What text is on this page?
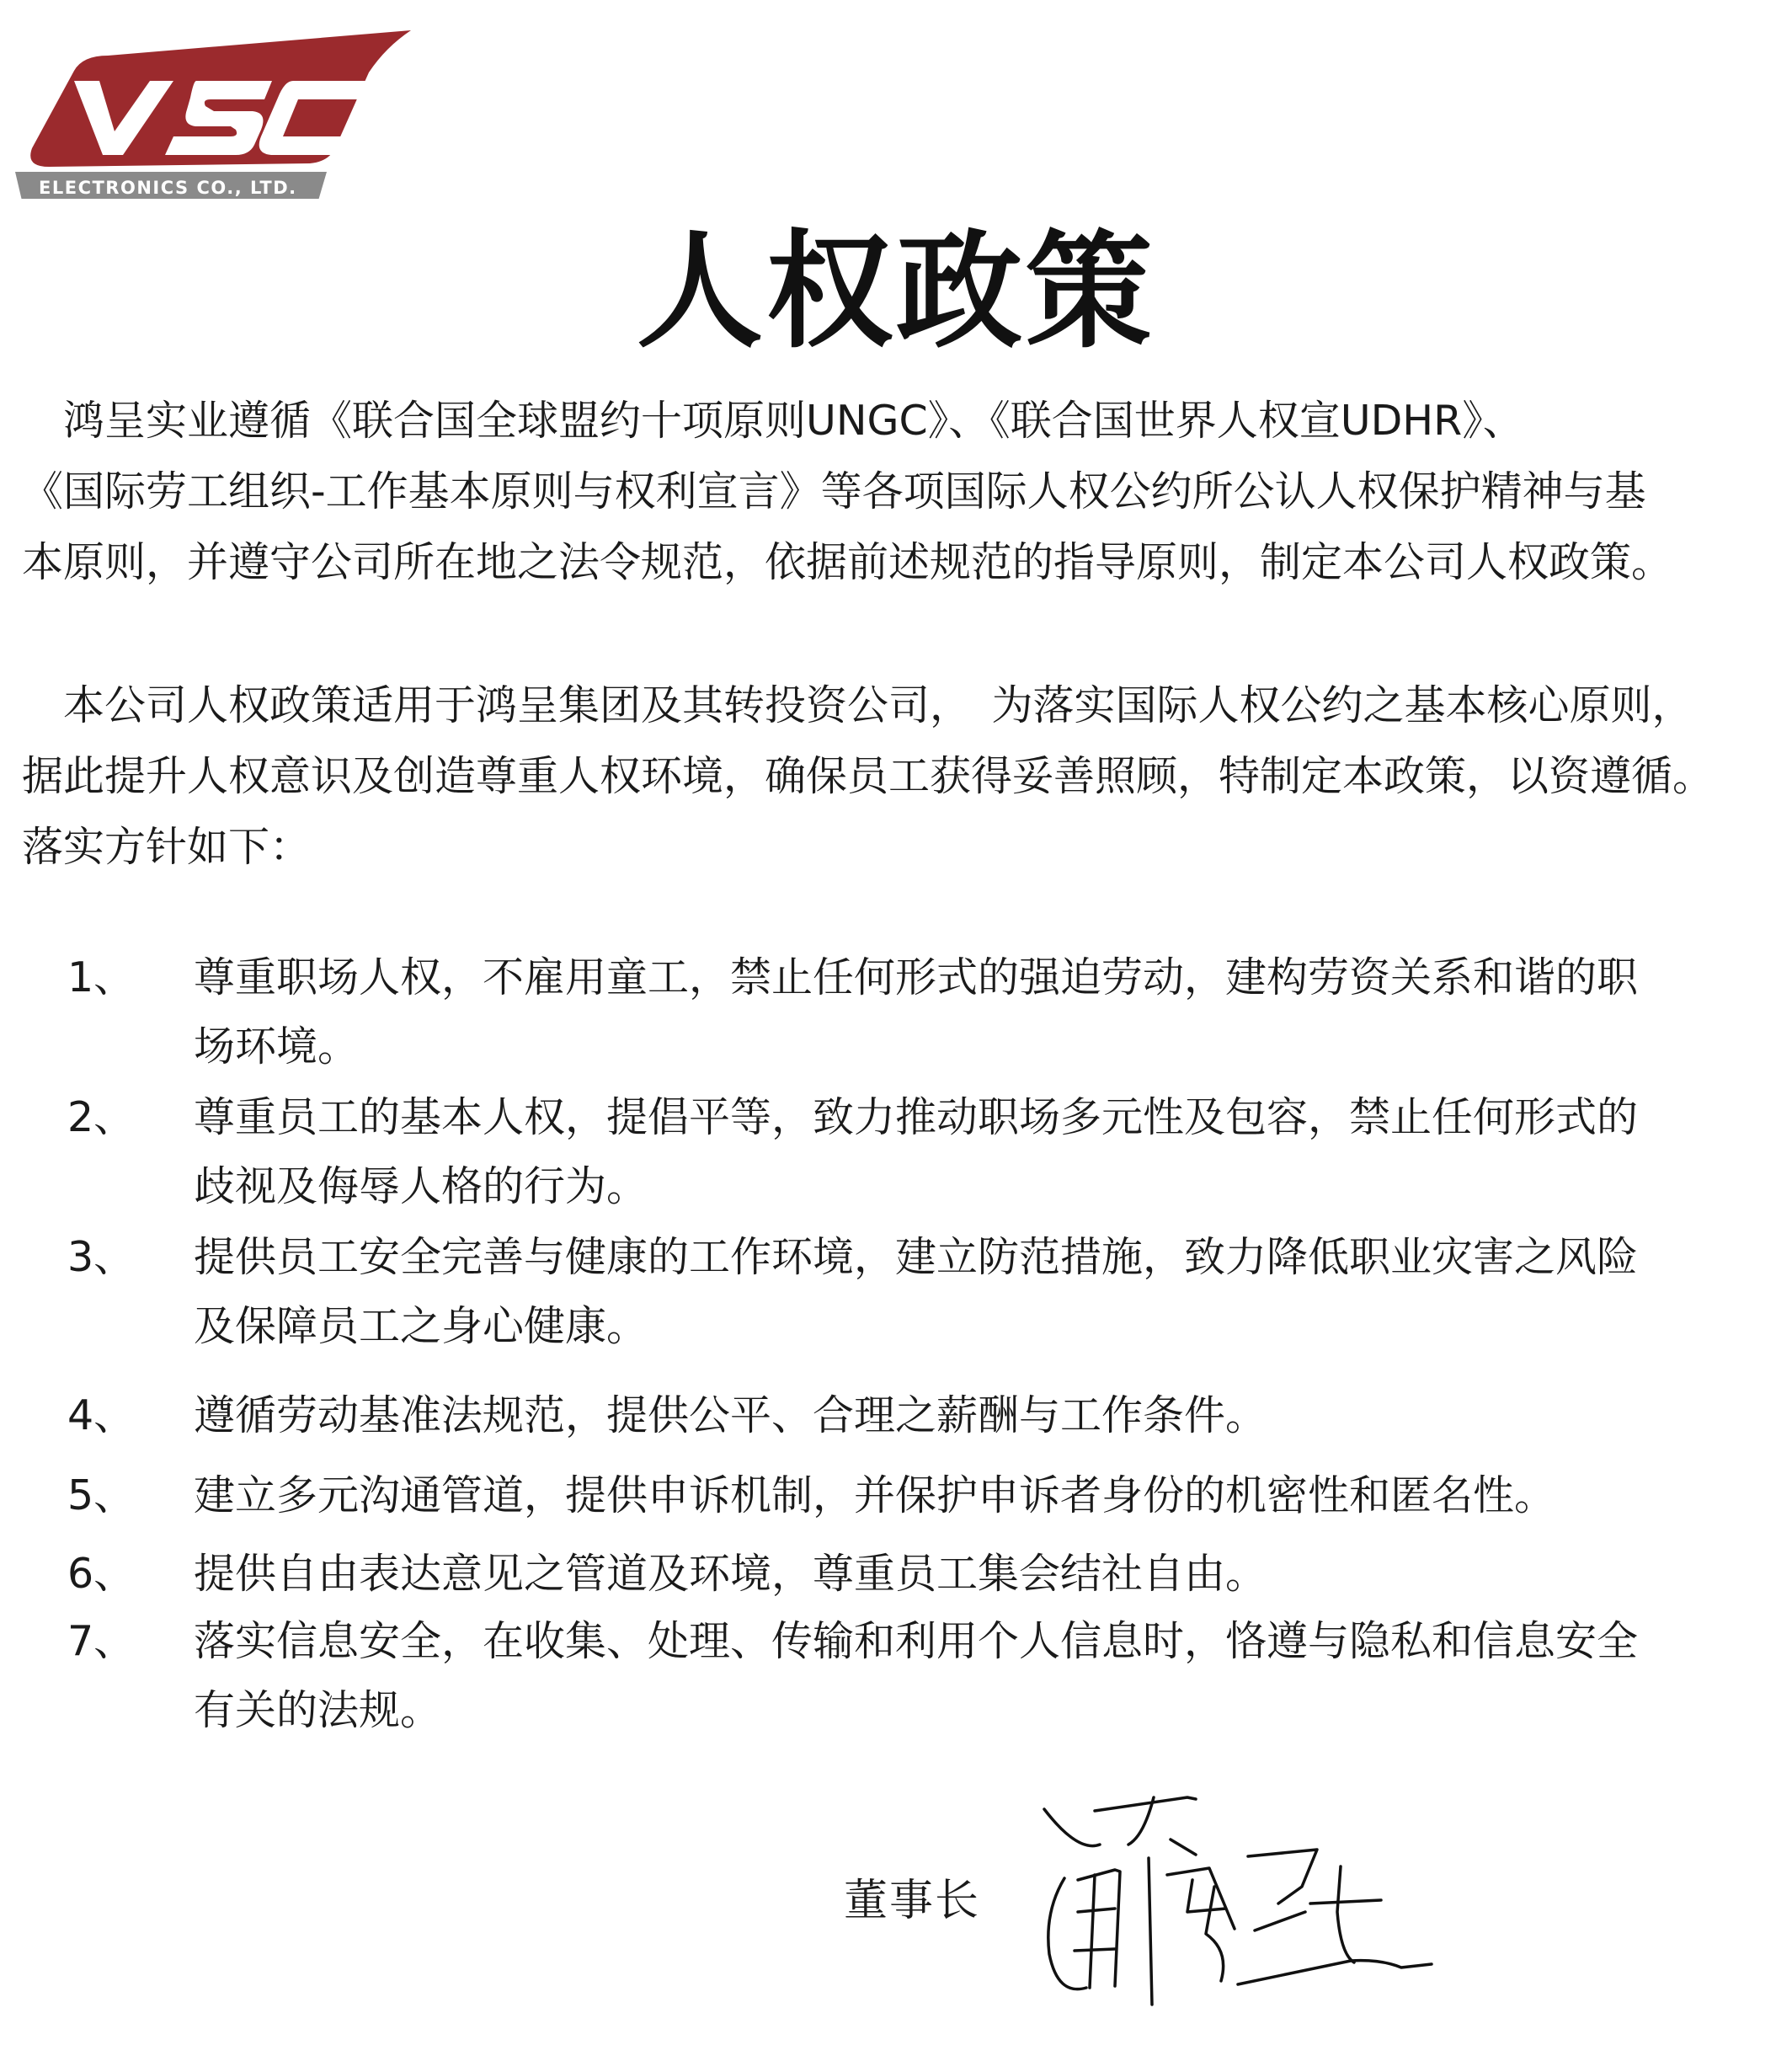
ELECTRONICS CO., LTD.
人权政策
　鸿呈实业遵循《联合国全球盟约十项原则UNGC》、《联合国世界人权宣UDHR》、
《国际劳工组织-工作基本原则与权利宣言》等各项国际人权公约所公认人权保护精神与基
本原则，并遵守公司所在地之法令规范，依据前述规范的指导原则，制定本公司人权政策。
　本公司人权政策适用于鸿呈集团及其转投资公司，　为落实国际人权公约之基本核心原则，
据此提升人权意识及创造尊重人权环境，确保员工获得妥善照顾，特制定本政策，以资遵循。
落实方针如下：
1、	尊重职场人权，不雇用童工，禁止任何形式的强迫劳动，建构劳资关系和谐的职
场环境。
2、	尊重员工的基本人权，提倡平等，致力推动职场多元性及包容，禁止任何形式的
歧视及侮辱人格的行为。
3、	提供员工安全完善与健康的工作环境，建立防范措施，致力降低职业灾害之风险
及保障员工之身心健康。
4、	遵循劳动基准法规范，提供公平、合理之薪酬与工作条件。
5、	建立多元沟通管道，提供申诉机制，并保护申诉者身份的机密性和匿名性。
6、	提供自由表达意见之管道及环境，尊重员工集会结社自由。
7、	落实信息安全，在收集、处理、传输和利用个人信息时，恪遵与隐私和信息安全
有关的法规。
董事长
